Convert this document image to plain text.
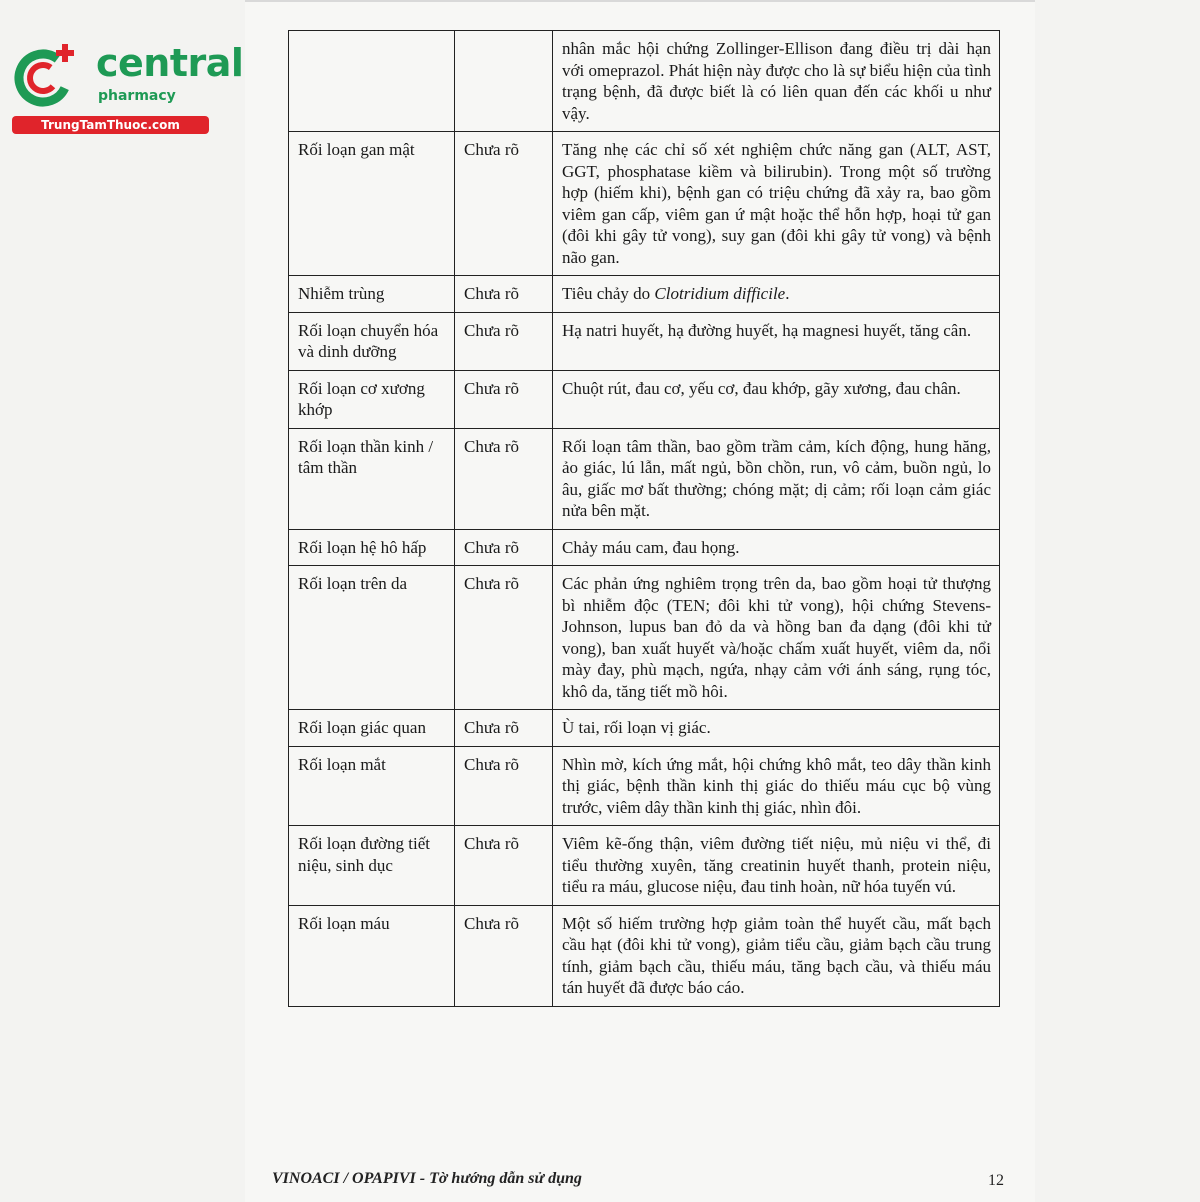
central
pharmacy
TrungTamThuoc.com
		nhân mắc hội chứng Zollinger-Ellison đang điều trị dài hạn với omeprazol. Phát hiện này được cho là sự biểu hiện của tình trạng bệnh, đã được biết là có liên quan đến các khối u như vậy.
Rối loạn gan mật	Chưa rõ	Tăng nhẹ các chỉ số xét nghiệm chức năng gan (ALT, AST, GGT, phosphatase kiềm và bilirubin). Trong một số trường hợp (hiếm khi), bệnh gan có triệu chứng đã xảy ra, bao gồm viêm gan cấp, viêm gan ứ mật hoặc thể hỗn hợp, hoại tử gan (đôi khi gây tử vong), suy gan (đôi khi gây tử vong) và bệnh não gan.
Nhiễm trùng	Chưa rõ	Tiêu chảy do Clotridium difficile.
Rối loạn chuyển hóa và dinh dưỡng	Chưa rõ	Hạ natri huyết, hạ đường huyết, hạ magnesi huyết, tăng cân.
Rối loạn cơ xương khớp	Chưa rõ	Chuột rút, đau cơ, yếu cơ, đau khớp, gãy xương, đau chân.
Rối loạn thần kinh / tâm thần	Chưa rõ	Rối loạn tâm thần, bao gồm trầm cảm, kích động, hung hăng, ảo giác, lú lẫn, mất ngủ, bồn chồn, run, vô cảm, buồn ngủ, lo âu, giấc mơ bất thường; chóng mặt; dị cảm; rối loạn cảm giác nửa bên mặt.
Rối loạn hệ hô hấp	Chưa rõ	Chảy máu cam, đau họng.
Rối loạn trên da	Chưa rõ	Các phản ứng nghiêm trọng trên da, bao gồm hoại tử thượng bì nhiễm độc (TEN; đôi khi tử vong), hội chứng Stevens-Johnson, lupus ban đỏ da và hồng ban đa dạng (đôi khi tử vong), ban xuất huyết và/hoặc chấm xuất huyết, viêm da, nổi mày đay, phù mạch, ngứa, nhạy cảm với ánh sáng, rụng tóc, khô da, tăng tiết mồ hôi.
Rối loạn giác quan	Chưa rõ	Ù tai, rối loạn vị giác.
Rối loạn mắt	Chưa rõ	Nhìn mờ, kích ứng mắt, hội chứng khô mắt, teo dây thần kinh thị giác, bệnh thần kinh thị giác do thiếu máu cục bộ vùng trước, viêm dây thần kinh thị giác, nhìn đôi.
Rối loạn đường tiết niệu, sinh dục	Chưa rõ	Viêm kẽ-ống thận, viêm đường tiết niệu, mủ niệu vi thể, đi tiểu thường xuyên, tăng creatinin huyết thanh, protein niệu, tiểu ra máu, glucose niệu, đau tinh hoàn, nữ hóa tuyến vú.
Rối loạn máu	Chưa rõ	Một số hiếm trường hợp giảm toàn thể huyết cầu, mất bạch cầu hạt (đôi khi tử vong), giảm tiểu cầu, giảm bạch cầu trung tính, giảm bạch cầu, thiếu máu, tăng bạch cầu, và thiếu máu tán huyết đã được báo cáo.
VINOACI / OPAPIVI - Tờ hướng dẫn sử dụng	12
